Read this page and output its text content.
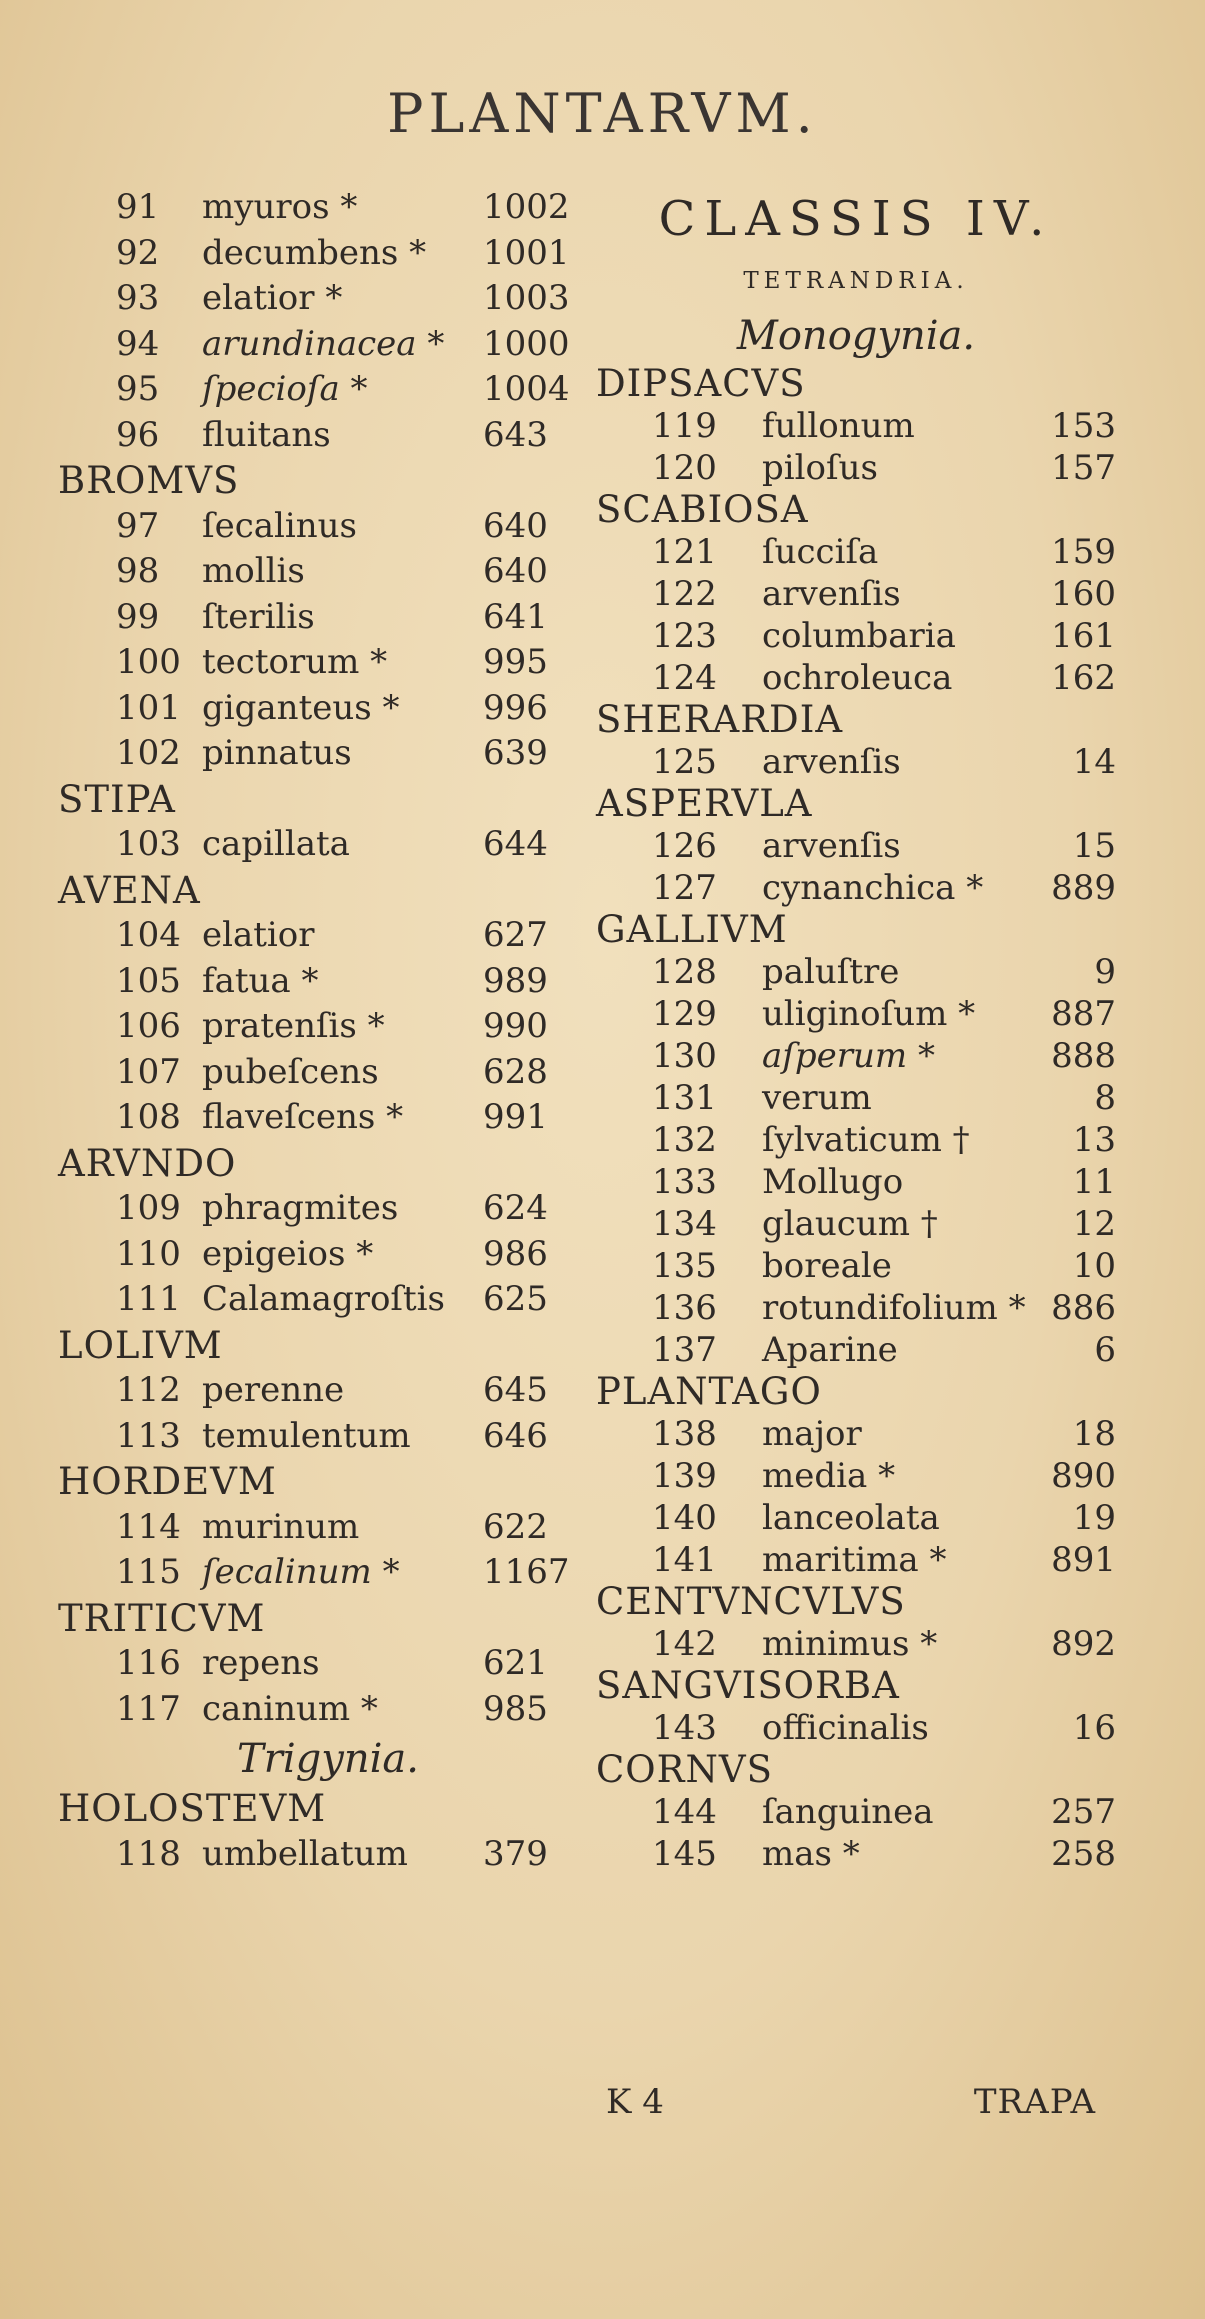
PLANTARVM.
91 myuros *	1002
92 decumbens * 1001
93 elatior *	1003
94 arundinacea * 1000
95 ſpecioſa *	1004
96 fluitans	643
BROMVS
97 ſecalinus	640
98 mollis	640
99 ſterilis	641
100 tectorum *	995
101 giganteus * 996
102 pinnatus	639
STIPA
103 capillata	644
AVENA
104 elatior	627
105 fatua *	989
106 pratenſis *	990
107 pubeſcens	628
108 flaveſcens * 991
ARVNDO
109 phragmites 624
110 epigeios *	986
111 Calamagroſtis 625
LOLIVM
112 perenne	645
113 temulentum 646
HORDEVM
114 murinum	622
115 ſecalinum * 1167
TRITICVM
116 repens	621
117 caninum *	985
Trigynia.
HOLOSTEVM
118 umbellatum 379
CLASSIS IV.
TETRANDRIA.
Monogynia.
DIPSACVS
119 fullonum	153
120 piloſus	157
SCABIOSA
121 ſucciſa	159
122 arvenſis	160
123 columbaria	161
124 ochroleuca	162
SHERARDIA
125 arvenſis	14
ASPERVLA
126 arvenſis	15
127 cynanchica * 889
GALLIVM
128 paluſtre	9
129 uliginoſum * 887
130 aſperum *	888
131 verum	8
132 ſylvaticum †	13
133 Mollugo	11
134 glaucum †	12
135 boreale	10
136 rotundifolium * 886
137 Aparine	6
PLANTAGO
138 major	18
139 media *	890
140 lanceolata	19
141 maritima *	891
CENTVNCVLVS
142 minimus *	892
SANGVISORBA
143 officinalis	16
CORNVS
144 ſanguinea	257
145 mas *	258
K 4	TRAPA
